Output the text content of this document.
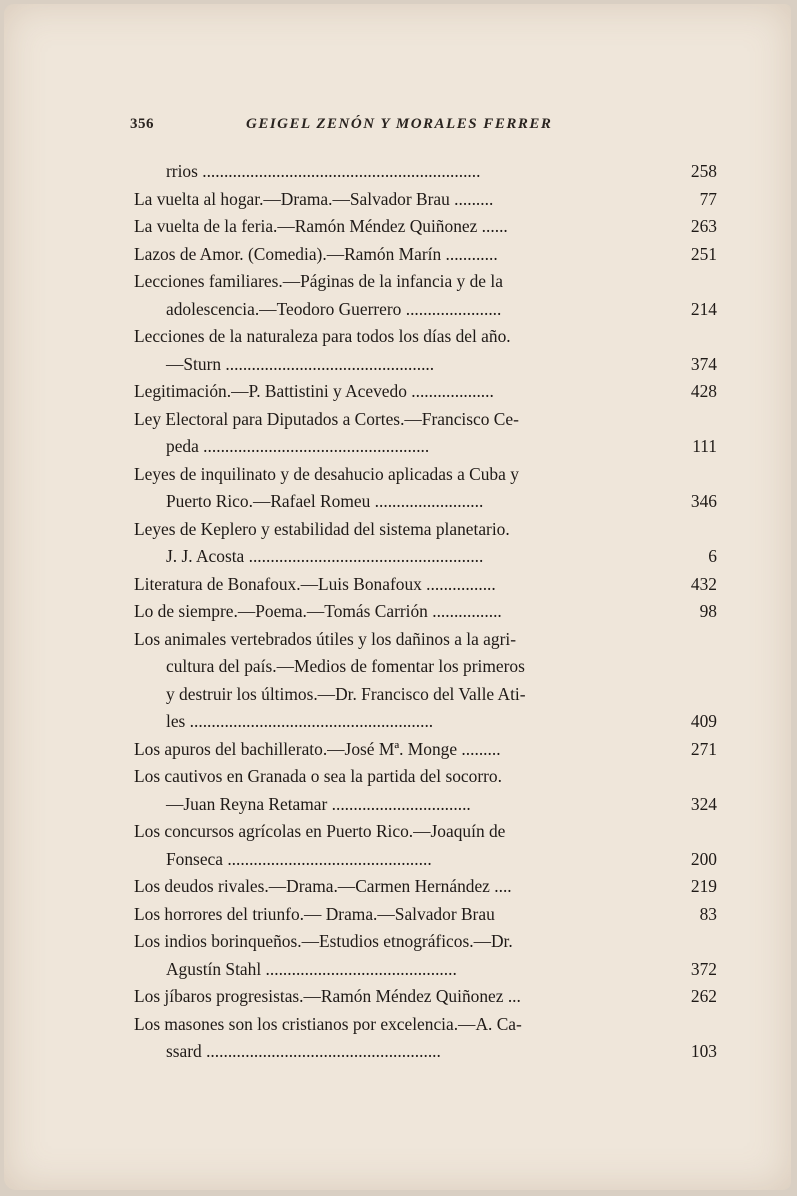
356	GEIGEL ZENÓN Y MORALES FERRER
rrios ................................................................	258
La vuelta al hogar.—Drama.—Salvador Brau .........	77
La vuelta de la feria.—Ramón Méndez Quiñonez ......	263
Lazos de Amor. (Comedia).—Ramón Marín ............	251
Lecciones familiares.—Páginas de la infancia y de la
adolescencia.—Teodoro Guerrero ......................	214
Lecciones de la naturaleza para todos los días del año.
—Sturn ................................................	374
Legitimación.—P. Battistini y Acevedo ...................	428
Ley Electoral para Diputados a Cortes.—Francisco Ce-
peda ....................................................	111
Leyes de inquilinato y de desahucio aplicadas a Cuba y
Puerto Rico.—Rafael Romeu .........................	346
Leyes de Keplero y estabilidad del sistema planetario.
J. J. Acosta ......................................................	6
Literatura de Bonafoux.—Luis Bonafoux ................	432
Lo de siempre.—Poema.—Tomás Carrión ................	98
Los animales vertebrados útiles y los dañinos a la agri-
cultura del país.—Medios de fomentar los primeros
y destruir los últimos.—Dr. Francisco del Valle Ati-
les ........................................................	409
Los apuros del bachillerato.—José Mª. Monge .........	271
Los cautivos en Granada o sea la partida del socorro.
—Juan Reyna Retamar ................................	324
Los concursos agrícolas en Puerto Rico.—Joaquín de
Fonseca ...............................................	200
Los deudos rivales.—Drama.—Carmen Hernández ....	219
Los horrores del triunfo.— Drama.—Salvador Brau	83
Los indios borinqueños.—Estudios etnográficos.—Dr.
Agustín Stahl ............................................	372
Los jíbaros progresistas.—Ramón Méndez Quiñonez ...	262
Los masones son los cristianos por excelencia.—A. Ca-
ssard ......................................................	103
